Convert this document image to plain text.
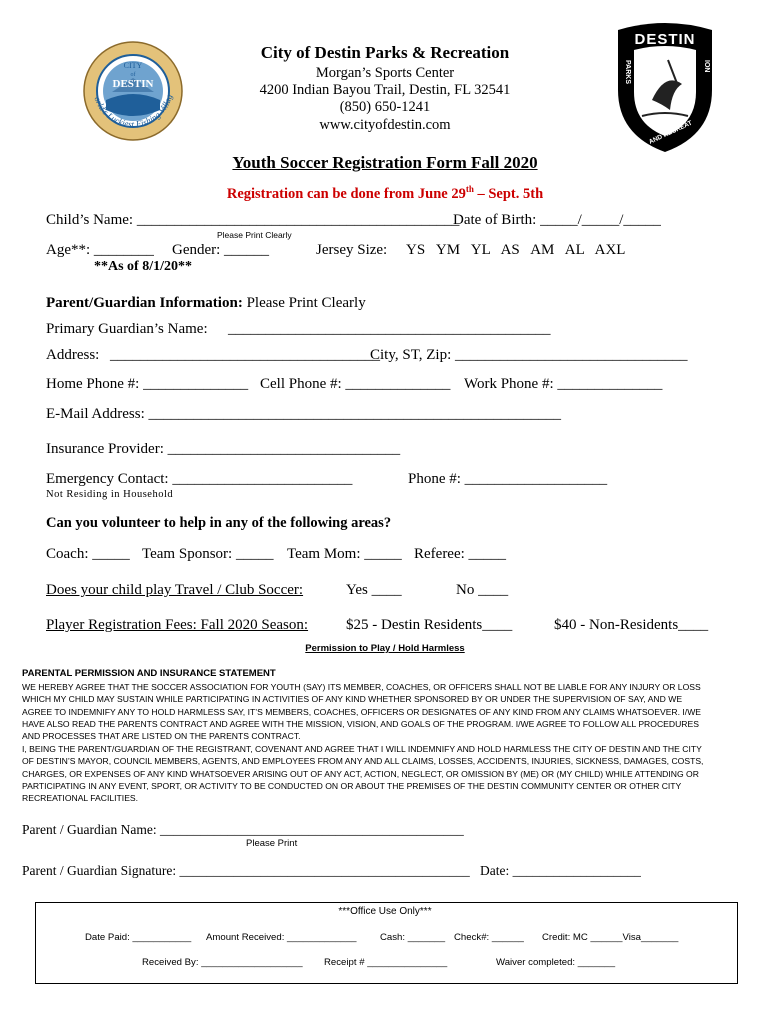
CITY
of
DESTIN
orld's Luckiest Fishing Villag
DESTIN
PARKS	ION
AND RECREAT
City of Destin Parks & Recreation
Morgan’s Sports Center
4200 Indian Bayou Trail, Destin, FL 32541
(850) 650-1241
www.cityofdestin.com
Youth Soccer Registration Form Fall 2020
Registration can be done from June 29th – Sept. 5th
Child’s Name: ___________________________________________
Date of Birth: _____/_____/_____
Please Print Clearly
Age**: ________ Gender: ______	Jersey Size: YS   YM   YL   AS   AM   AL   AXL
**As of 8/1/20**
Parent/Guardian Information: Please Print Clearly
Primary Guardian’s Name: ___________________________________________
Address: ____________________________________
City, ST, Zip: _______________________________
Home Phone #: ______________ Cell Phone #: ______________ Work Phone #: ______________
E-Mail Address: _______________________________________________________
Insurance Provider: _______________________________
Emergency Contact: ________________________	Phone #: ___________________
Not Residing in Household
Can you volunteer to help in any of the following areas?
Coach: _____ Team Sponsor: _____ Team Mom: _____ Referee: _____
Does your child play Travel / Club Soccer:	Yes ____	No ____
Player Registration Fees: Fall 2020 Season:	$25 - Destin Residents____	$40 - Non-Residents____
Permission to Play / Hold Harmless
PARENTAL PERMISSION AND INSURANCE STATEMENT
WE HEREBY AGREE THAT THE SOCCER ASSOCIATION FOR YOUTH (SAY) ITS MEMBER, COACHES, OR OFFICERS SHALL NOT BE LIABLE FOR ANY INJURY OR LOSS WHICH MY CHILD MAY SUSTAIN WHILE PARTICIPATING IN ACTIVITIES OF ANY KIND WHETHER SPONSORED BY OR UNDER THE SUPERVISION OF SAY, AND WE AGREE TO INDEMNIFY ANY TO HOLD HARMLESS SAY, IT’S MEMBERS, COACHES, OFFICERS OR DESIGNATES OF ANY KIND FROM ANY CLAIMS WHATSOEVER. I/WE HAVE ALSO READ THE PARENTS CONTRACT AND AGREE WITH THE MISSION, VISION, AND GOALS OF THE PROGRAM. I/WE AGREE TO FOLLOW ALL PROCEDURES AND PROCESSES THAT ARE LISTED ON THE PARENTS CONTRACT.
I, BEING THE PARENT/GUARDIAN OF THE REGISTRANT, COVENANT AND AGREE THAT I WILL INDEMNIFY AND HOLD HARMLESS THE CITY OF DESTIN AND THE CITY OF DESTIN’S MAYOR, COUNCIL MEMBERS, AGENTS, AND EMPLOYEES FROM ANY AND ALL CLAIMS, LOSSES, ACCIDENTS, INJURIES, SICKNESS, DAMAGES, COSTS, CHARGES, OR EXPENSES OF ANY KIND WHATSOEVER ARISING OUT OF ANY ACT, ACTION, NEGLECT, OR OMISSION BY (ME) OR (MY CHILD) WHILE ATTENDING OR PARTICIPATING IN ANY EVENT, SPORT, OR ACTIVITY TO BE CONDUCTED ON OR ABOUT THE PREMISES OF THE DESTIN COMMUNITY CENTER OR OTHER CITY RECREATIONAL FACILITIES.
Parent / Guardian Name: _____________________________________________
Please Print
Parent / Guardian Signature: ___________________________________________ Date: ___________________
***Office Use Only***
Date Paid: ___________ Amount Received: _____________ Cash: _______ Check#: ______ Credit: MC ______Visa_______
Received By: ___________________ Receipt # _______________	Waiver completed: _______
